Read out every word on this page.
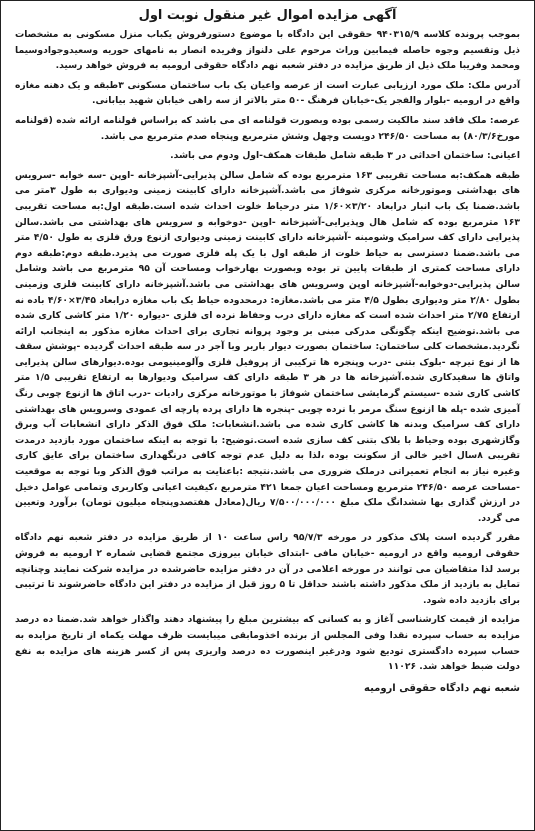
آگهی مزایده اموال غیر منقول نوبت اول

بموجب پرونده کلاسه ۹۴۰۳۱۵/۹ حقوقی این دادگاه با موضوع دستورفروش یکباب منزل مسکونی به مشخصات ذیل وتقسیم وجوه حاصله فیمابین وراث مرحوم علی دلنواز وفریده انصار به نامهای حوریه وسعیدوجوادوسیما ومحمد وفریبا ملک ذیل از طریق مزایده در دفتر شعبه نهم دادگاه حقوقی ارومیه به فروش خواهد رسید.

آدرس ملک: ملک مورد ارزیابی عبارت است از عرصه واعیان یک باب ساختمان مسکونی ۳طبقه و یک دهنه مغازه واقع در ارومیه -بلوار والفجر یک-خیابان فرهنگ -۵۰ متر بالاتر از سه راهی خیابان شهید بیابانی.

عرصه: ملک فاقد سند مالکیت رسمی بوده وبصورت قولنامه ای می باشد که براساس قولنامه ارائه شده (قولنامه مورخ۸۰/۳/۶) به مساحت ۲۴۶/۵۰ دویست وچهل وشش مترمربع وپنجاه صدم مترمربع می باشد.

اعیانی: ساختمان احداثی در ۳ طبقه شامل طبقات همکف-اول ودوم می باشد.

طبقه همکف:به مساحت تقریبی ۱۶۳ مترمربع بوده که شامل سالن پذیرایی-آشپزخانه -اوپن -سه خوابه -سرویس های بهداشتی وموتورخانه مرکزی شوفاژ می باشد.آشپزخانه دارای کابینت زمینی ودیواری به طول ۳متر می باشد.ضمنا یک باب انبار درابعاد ۳/۲۰×۱/۶۰ متر درحیاط خلوت احداث شده است.طبقه اول:به مساحت تقریبی ۱۶۳ مترمربع بوده که شامل هال وپذیرایی-آشپزخانه -اوپن -دوخوابه و سرویس های بهداشتی می باشد.سالن پذیرایی دارای کف سرامیک وشومینه -آشپزخانه دارای کابینت زمینی ودیواری ازنوع ورق فلزی به طول ۴/۵۰ متر می باشد.ضمنا دسترسی به حیاط خلوت از طبقه اول با یک پله فلزی صورت می پذیرد.طبقه دوم:طبقه دوم دارای مساحت کمتری از طبقات پایین تر بوده وبصورت بهارخواب ومساحت آن ۹۵ مترمربع می باشد وشامل سالن پذیرایی-دوخوابه-آشپزخانه اوپن وسرویس های بهداشتی می باشد.آشپزخانه دارای کابینت فلزی وزمینی بطول ۲/۸۰ متر ودیواری بطول ۴/۵ متر می باشد.مغازه: درمحدوده حیاط یک باب مغازه درابعاد ۳/۴۵×۴/۶۰ باده نه ارتفاع ۲/۷۵ متر احداث شده است که مغازه دارای درب وحفاظ نرده ای فلزی -دیواره ۱/۲۰ متر کاشی کاری شده می باشد.توضیح اینکه چگونگی مدرکی مبنی بر وجود پروانه تجاری برای احداث مغازه مذکور به اینجانب ارائه نگردید.مشخصات کلی ساختمان: ساختمان بصورت دیوار باربر وبا آجر در سه طبقه احداث گردیده -پوشش سقف ها از نوع تیرچه -بلوک بتنی -درب وپنجره ها ترکیبی از پروفیل فلزی وآلومینیومی بوده.دیوارهای سالن پذیرایی واتاق ها سفیدکاری شده.آشپزخانه ها در هر ۳ طبقه دارای کف سرامیک ودیوارها به ارتفاع تقریبی ۱/۵ متر کاشی کاری شده -سیستم گرمایشی ساختمان شوفاژ با موتورخانه مرکزی رادیات -درب اتاق ها ازنوع چوبی رنگ آمیزی شده -پله ها ازنوع سنگ مرمر با نرده چوبی -پنجره ها دارای پرده پارچه ای عمودی وسرویس های بهداشتی دارای کف سرامیک وبدنه ها کاشی کاری شده می باشد.انشعابات: ملک فوق الذکر دارای انشعابات آب وبرق وگازشهری بوده وحیاط با بلاک بتنی کف سازی شده است.توضیح: با توجه به اینکه ساختمان مورد بازدید درمدت تقریبی ۸سال اخیر خالی از سکونت بوده ،لذا به دلیل عدم توجه کافی درنگهداری ساختمان برای عایق کاری وغیره نیاز به انجام تعمیراتی درملک ضروری می باشد.نتیجه :باعنایت به مراتب فوق الذکر وبا توجه به موقعیت -مساحت عرصه ۲۴۶/۵۰ مترمربع ومساحت اعیان جمعا ۴۲۱ مترمربع ،کیفیت اعیانی وکاربری وتمامی عوامل دخیل در ارزش گذاری بها ششدانگ ملک مبلغ ۷/۵۰۰/۰۰۰/۰۰۰ ریال(معادل هفتصدوپنجاه میلیون تومان) برآورد وتعیین می گردد.

مقرر گردیده است پلاک مذکور در مورخه ۹۵/۷/۳ راس ساعت ۱۰ از طریق مزایده در دفتر شعبه نهم دادگاه حقوقی ارومیه واقع در ارومیه -خیابان مافی -ابتدای خیابان بیروزی مجتمع قضایی شماره ۲ ارومیه به فروش برسد لذا متقاضیان می توانند در مورخه اعلامی در آن در دفتر مزایده حاضرشده در مزایده شرکت نمایند وچنانچه تمایل به بازدید از ملک مذکور داشته باشند حداقل تا ۵ روز قبل از مزایده در دفتر این دادگاه حاضرشوند تا ترتیبی برای بازدید داده شود.

مزایده از قیمت کارشناسی آغاز و به کسانی که بیشترین مبلغ را پیشنهاد دهند واگذار خواهد شد.ضمنا ده درصد مزایده به حساب سپرده نقدا وفی المجلس از برنده اخذومابقی میبایست ظرف مهلت یکماه از تاریخ مزایده به حساب سپرده دادگستری تودیع شود ودرغیر اینصورت ده درصد واریزی پس از کسر هزینه های مزایده به نفع دولت ضبط خواهد شد. ۱۱۰۲۶

شعبه نهم دادگاه حقوقی ارومیه
